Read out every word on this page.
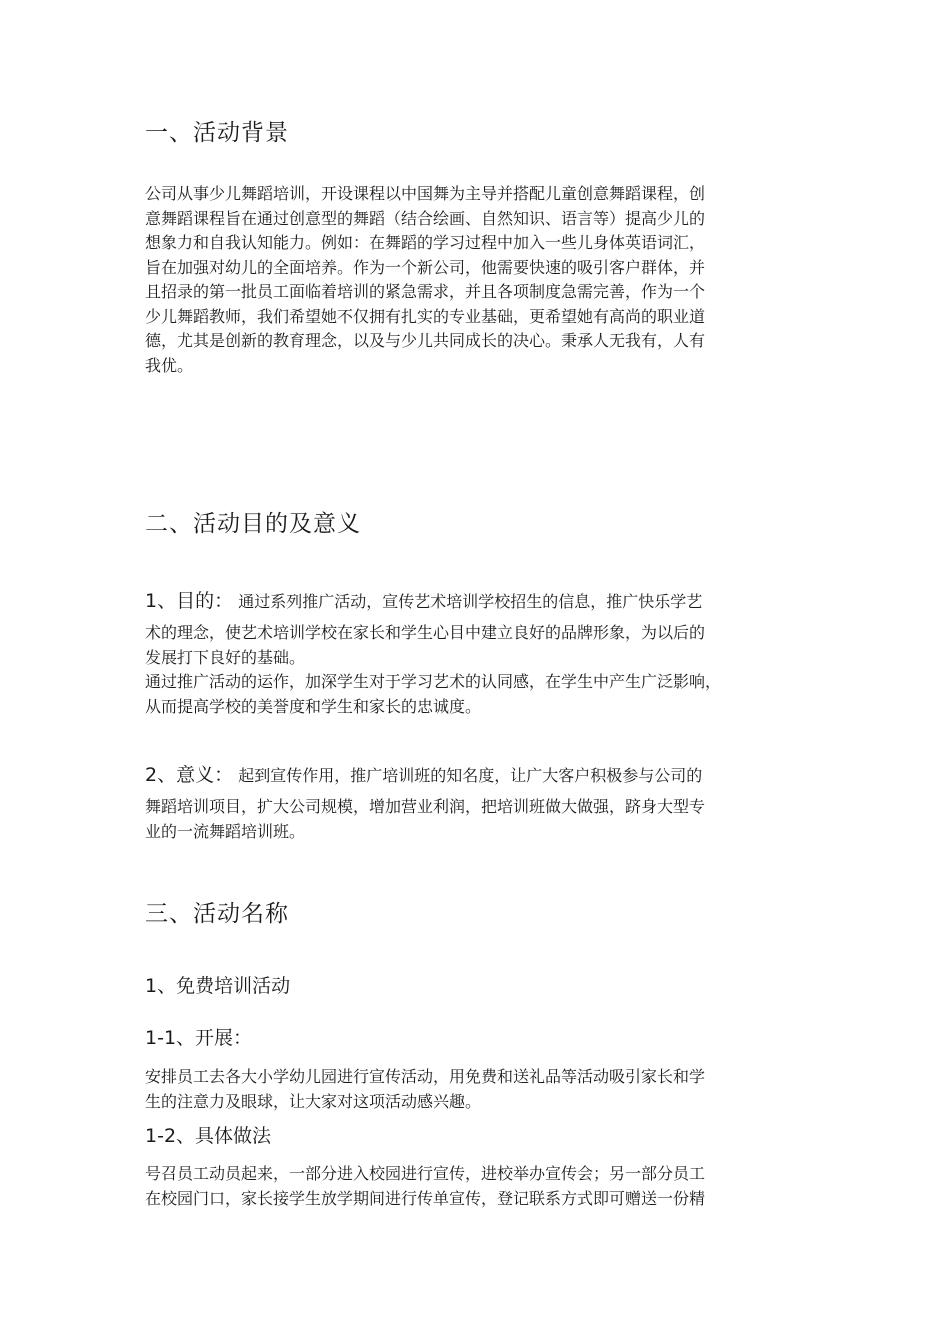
一、活动背景
公司从事少儿舞蹈培训，开设课程以中国舞为主导并搭配儿童创意舞蹈课程，创
意舞蹈课程旨在通过创意型的舞蹈（结合绘画、自然知识、语言等）提高少儿的
想象力和自我认知能力。例如：在舞蹈的学习过程中加入一些儿身体英语词汇，
旨在加强对幼儿的全面培养。作为一个新公司，他需要快速的吸引客户群体，并
且招录的第一批员工面临着培训的紧急需求，并且各项制度急需完善，作为一个
少儿舞蹈教师，我们希望她不仅拥有扎实的专业基础，更希望她有高尚的职业道
德，尤其是创新的教育理念，以及与少儿共同成长的决心。秉承人无我有，人有
我优。
二、活动目的及意义
1、目的： 通过系列推广活动，宣传艺术培训学校招生的信息，推广快乐学艺
术的理念，使艺术培训学校在家长和学生心目中建立良好的品牌形象，为以后的
发展打下良好的基础。
通过推广活动的运作，加深学生对于学习艺术的认同感，在学生中产生广泛影响，
从而提高学校的美誉度和学生和家长的忠诚度。
2、意义： 起到宣传作用，推广培训班的知名度，让广大客户积极参与公司的
舞蹈培训项目，扩大公司规模，增加营业利润，把培训班做大做强，跻身大型专
业的一流舞蹈培训班。
三、活动名称
1、免费培训活动
1-1、开展：
安排员工去各大小学幼儿园进行宣传活动，用免费和送礼品等活动吸引家长和学
生的注意力及眼球，让大家对这项活动感兴趣。
1-2、具体做法
号召员工动员起来，一部分进入校园进行宣传，进校举办宣传会；另一部分员工
在校园门口，家长接学生放学期间进行传单宣传，登记联系方式即可赠送一份精
